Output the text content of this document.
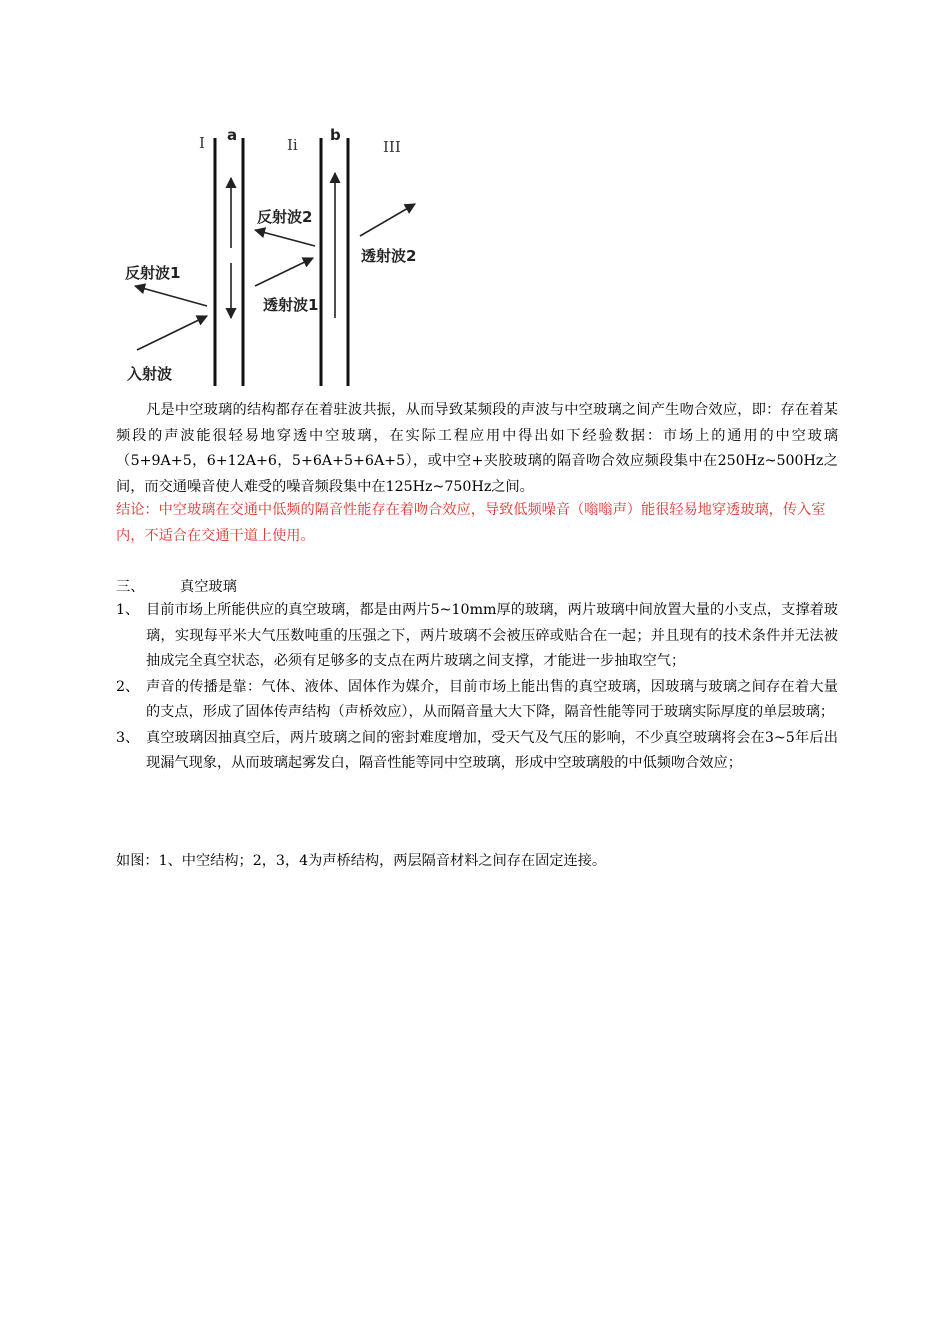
I a
Ii
b
III
反射波2
透射波2
反射波1
透射波1
入射波

凡是中空玻璃的结构都存在着驻波共振，从而导致某频段的声波与中空玻璃之间产生吻合效应，即：存在着某频段的声波能很轻易地穿透中空玻璃，在实际工程应用中得出如下经验数据：市场上的通用的中空玻璃（5+9A+5，6+12A+6，5+6A+5+6A+5），或中空+夹胶玻璃的隔音吻合效应频段集中在250Hz~500Hz之间，而交通噪音使人难受的噪音频段集中在125Hz~750Hz之间。

结论：中空玻璃在交通中低频的隔音性能存在着吻合效应，导致低频噪音（嗡嗡声）能很轻易地穿透玻璃，传入室内，不适合在交通干道上使用。

三、	真空玻璃

1、 目前市场上所能供应的真空玻璃，都是由两片5~10mm厚的玻璃，两片玻璃中间放置大量的小支点，支撑着玻璃，实现每平米大气压数吨重的压强之下，两片玻璃不会被压碎或贴合在一起；并且现有的技术条件并无法被抽成完全真空状态，必须有足够多的支点在两片玻璃之间支撑，才能进一步抽取空气；

2、 声音的传播是靠：气体、液体、固体作为媒介，目前市场上能出售的真空玻璃，因玻璃与玻璃之间存在着大量的支点，形成了固体传声结构（声桥效应），从而隔音量大大下降，隔音性能等同于玻璃实际厚度的单层玻璃；

3、 真空玻璃因抽真空后，两片玻璃之间的密封难度增加，受天气及气压的影响，不少真空玻璃将会在3~5年后出现漏气现象，从而玻璃起雾发白，隔音性能等同中空玻璃，形成中空玻璃般的中低频吻合效应；

如图：1、中空结构；2，3，4为声桥结构，两层隔音材料之间存在固定连接。
